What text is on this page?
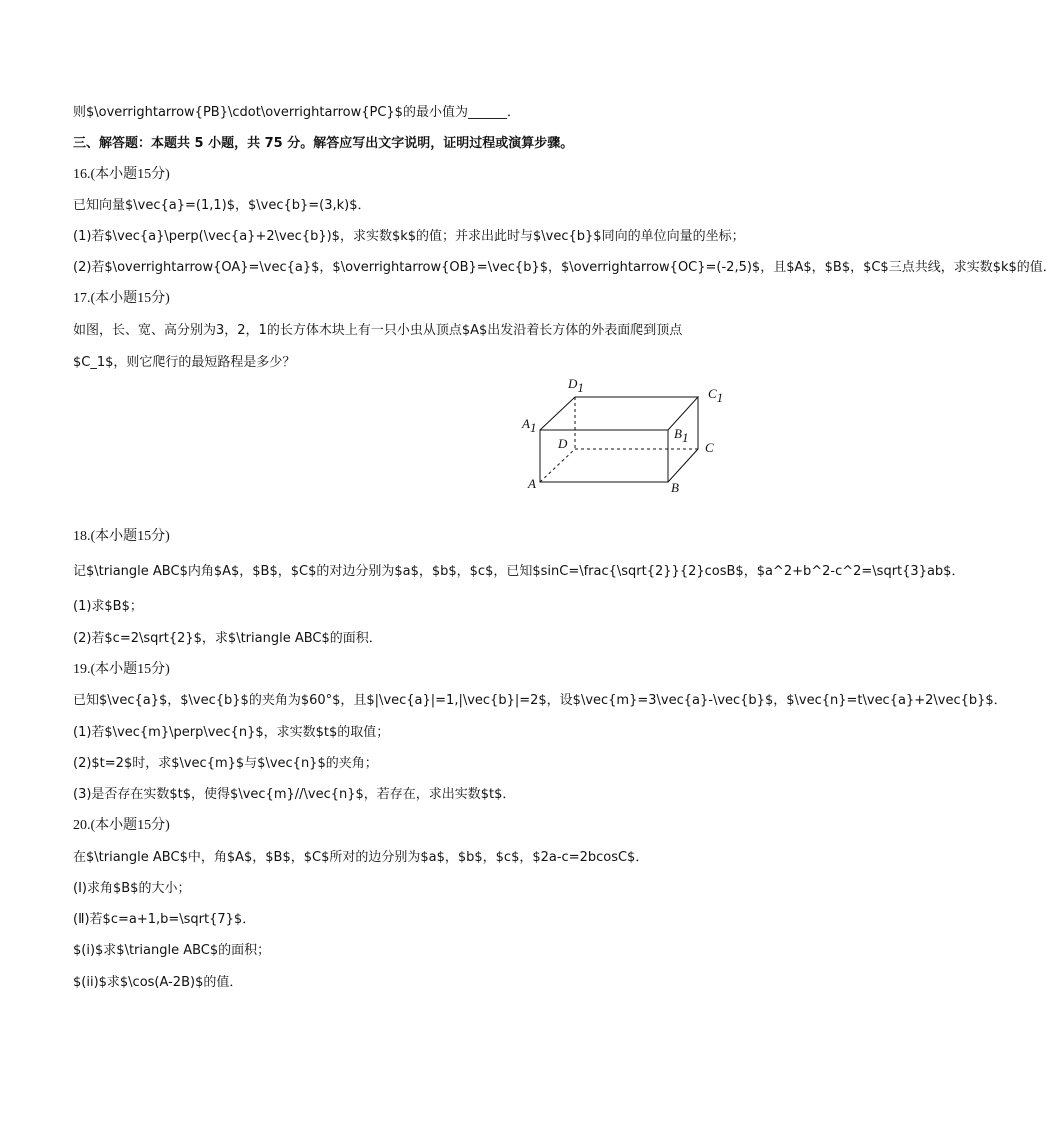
则$\overrightarrow{PB}\cdot\overrightarrow{PC}$的最小值为______．
三、解答题：本题共 5 小题，共 75 分。解答应写出文字说明，证明过程或演算步骤。
16.(本小题15分)
已知向量$\vec{a}=(1,1)$，$\vec{b}=(3,k)$．
(1)若$\vec{a}\perp(\vec{a}+2\vec{b})$，求实数$k$的值；并求出此时与$\vec{b}$同向的单位向量的坐标；
(2)若$\overrightarrow{OA}=\vec{a}$，$\overrightarrow{OB}=\vec{b}$，$\overrightarrow{OC}=(-2,5)$，且$A$，$B$，$C$三点共线，求实数$k$的值．
17.(本小题15分)
如图，长、宽、高分别为3，2，1的长方体木块上有一只小虫从顶点$A$出发沿着长方体的外表面爬到顶点
$C_1$，则它爬行的最短路程是多少？
D1	C1
A1	B1
D	C
A	B
18.(本小题15分)
记$\triangle ABC$内角$A$，$B$，$C$的对边分别为$a$，$b$，$c$，已知$sinC=\frac{\sqrt{2}}{2}cosB$，$a^2+b^2-c^2=\sqrt{3}ab$．
(1)求$B$；
(2)若$c=2\sqrt{2}$，求$\triangle ABC$的面积．
19.(本小题15分)
已知$\vec{a}$，$\vec{b}$的夹角为$60°$，且$|\vec{a}|=1,|\vec{b}|=2$，设$\vec{m}=3\vec{a}-\vec{b}$，$\vec{n}=t\vec{a}+2\vec{b}$．
(1)若$\vec{m}\perp\vec{n}$，求实数$t$的取值；
(2)$t=2$时，求$\vec{m}$与$\vec{n}$的夹角；
(3)是否存在实数$t$，使得$\vec{m}//\vec{n}$，若存在，求出实数$t$．
20.(本小题15分)
在$\triangle ABC$中，角$A$，$B$，$C$所对的边分别为$a$，$b$，$c$，$2a-c=2bcosC$．
(Ⅰ)求角$B$的大小；
(Ⅱ)若$c=a+1,b=\sqrt{7}$．
$(i)$求$\triangle ABC$的面积；
$(ii)$求$\cos(A-2B)$的值．
